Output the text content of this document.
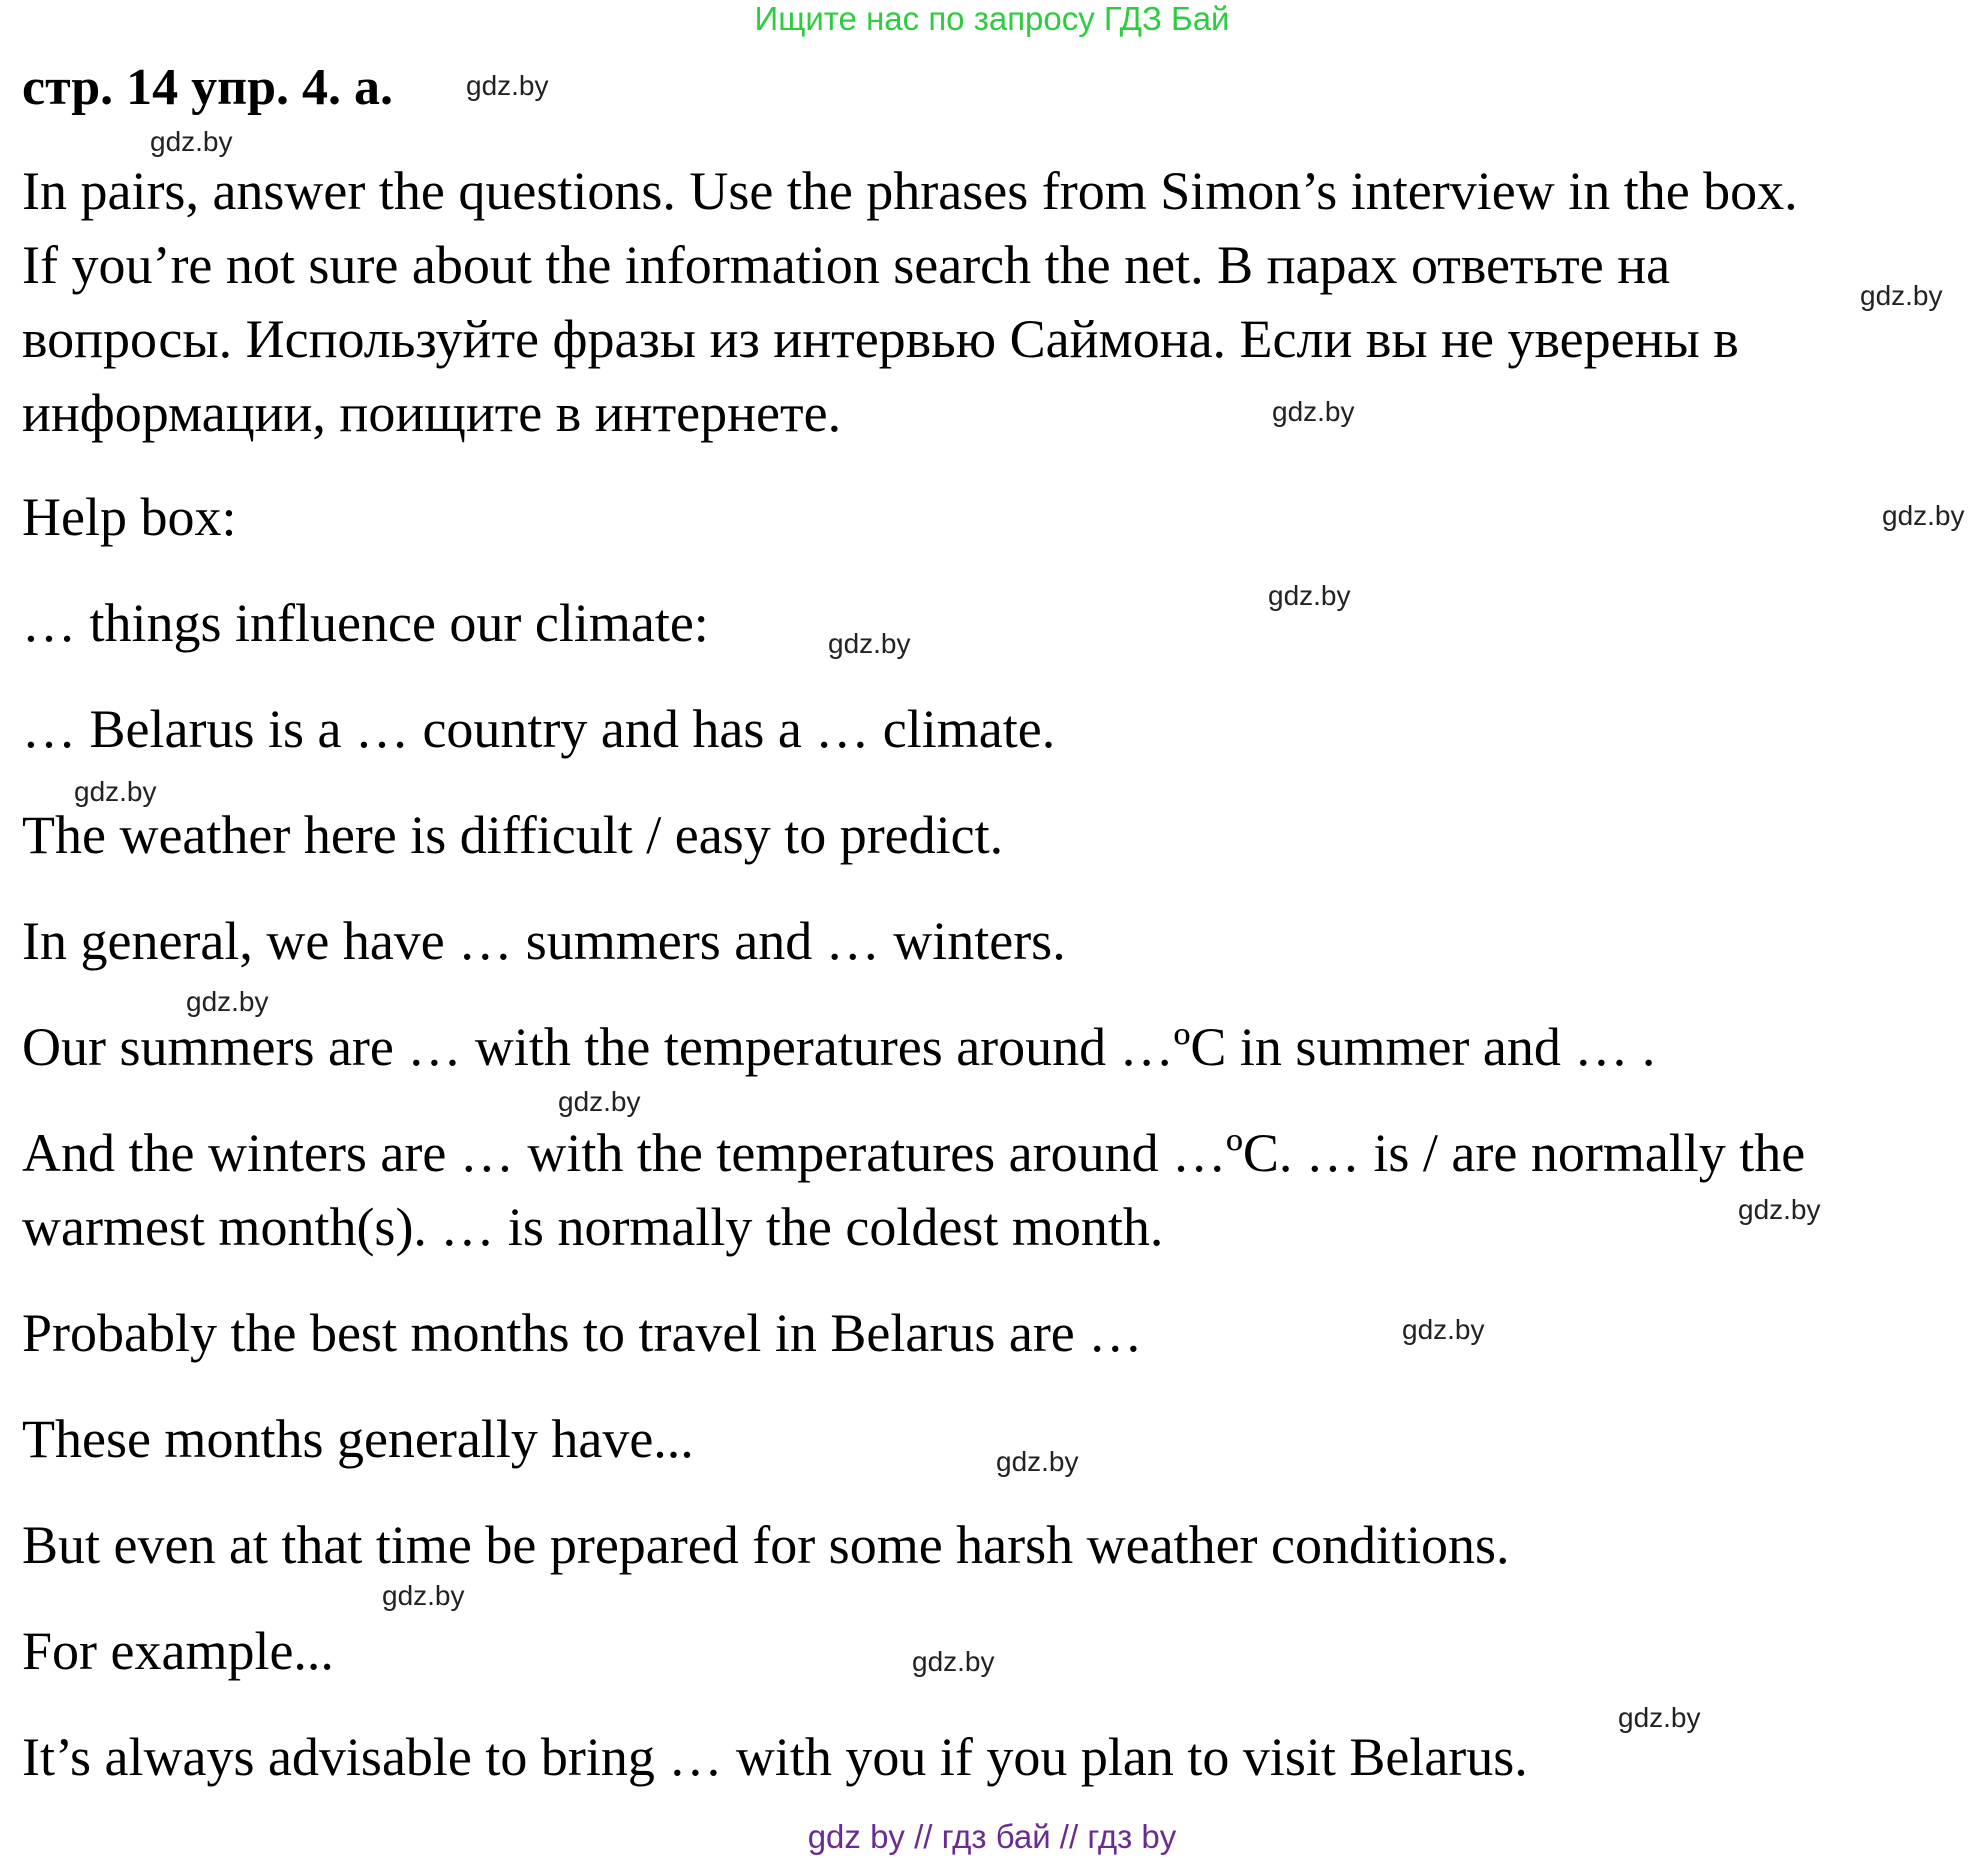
Ищите нас по запросу ГДЗ Бай
стр. 14 упр. 4. a.
In pairs, answer the questions. Use the phrases from Simon’s interview in the box.
If you’re not sure about the information search the net. В парах ответьте на
вопросы. Используйте фразы из интервью Саймона. Если вы не уверены в
информации, поищите в интернете.
Help box:
… things influence our climate:
… Belarus is a … country and has a … climate.
The weather here is difficult / easy to predict.
In general, we have … summers and … winters.
Our summers are … with the temperatures around …ºC in summer and … .
And the winters are … with the temperatures around …ºC. … is / are normally the
warmest month(s). … is normally the coldest month.
Probably the best months to travel in Belarus are …
These months generally have...
But even at that time be prepared for some harsh weather conditions.
For example...
It’s always advisable to bring … with you if you plan to visit Belarus.
gdz.by
gdz.by
gdz.by
gdz.by
gdz.by
gdz.by
gdz.by
gdz.by
gdz.by
gdz.by
gdz.by
gdz.by
gdz.by
gdz.by
gdz.by
gdz.by
gdz by // гдз бай // гдз by
